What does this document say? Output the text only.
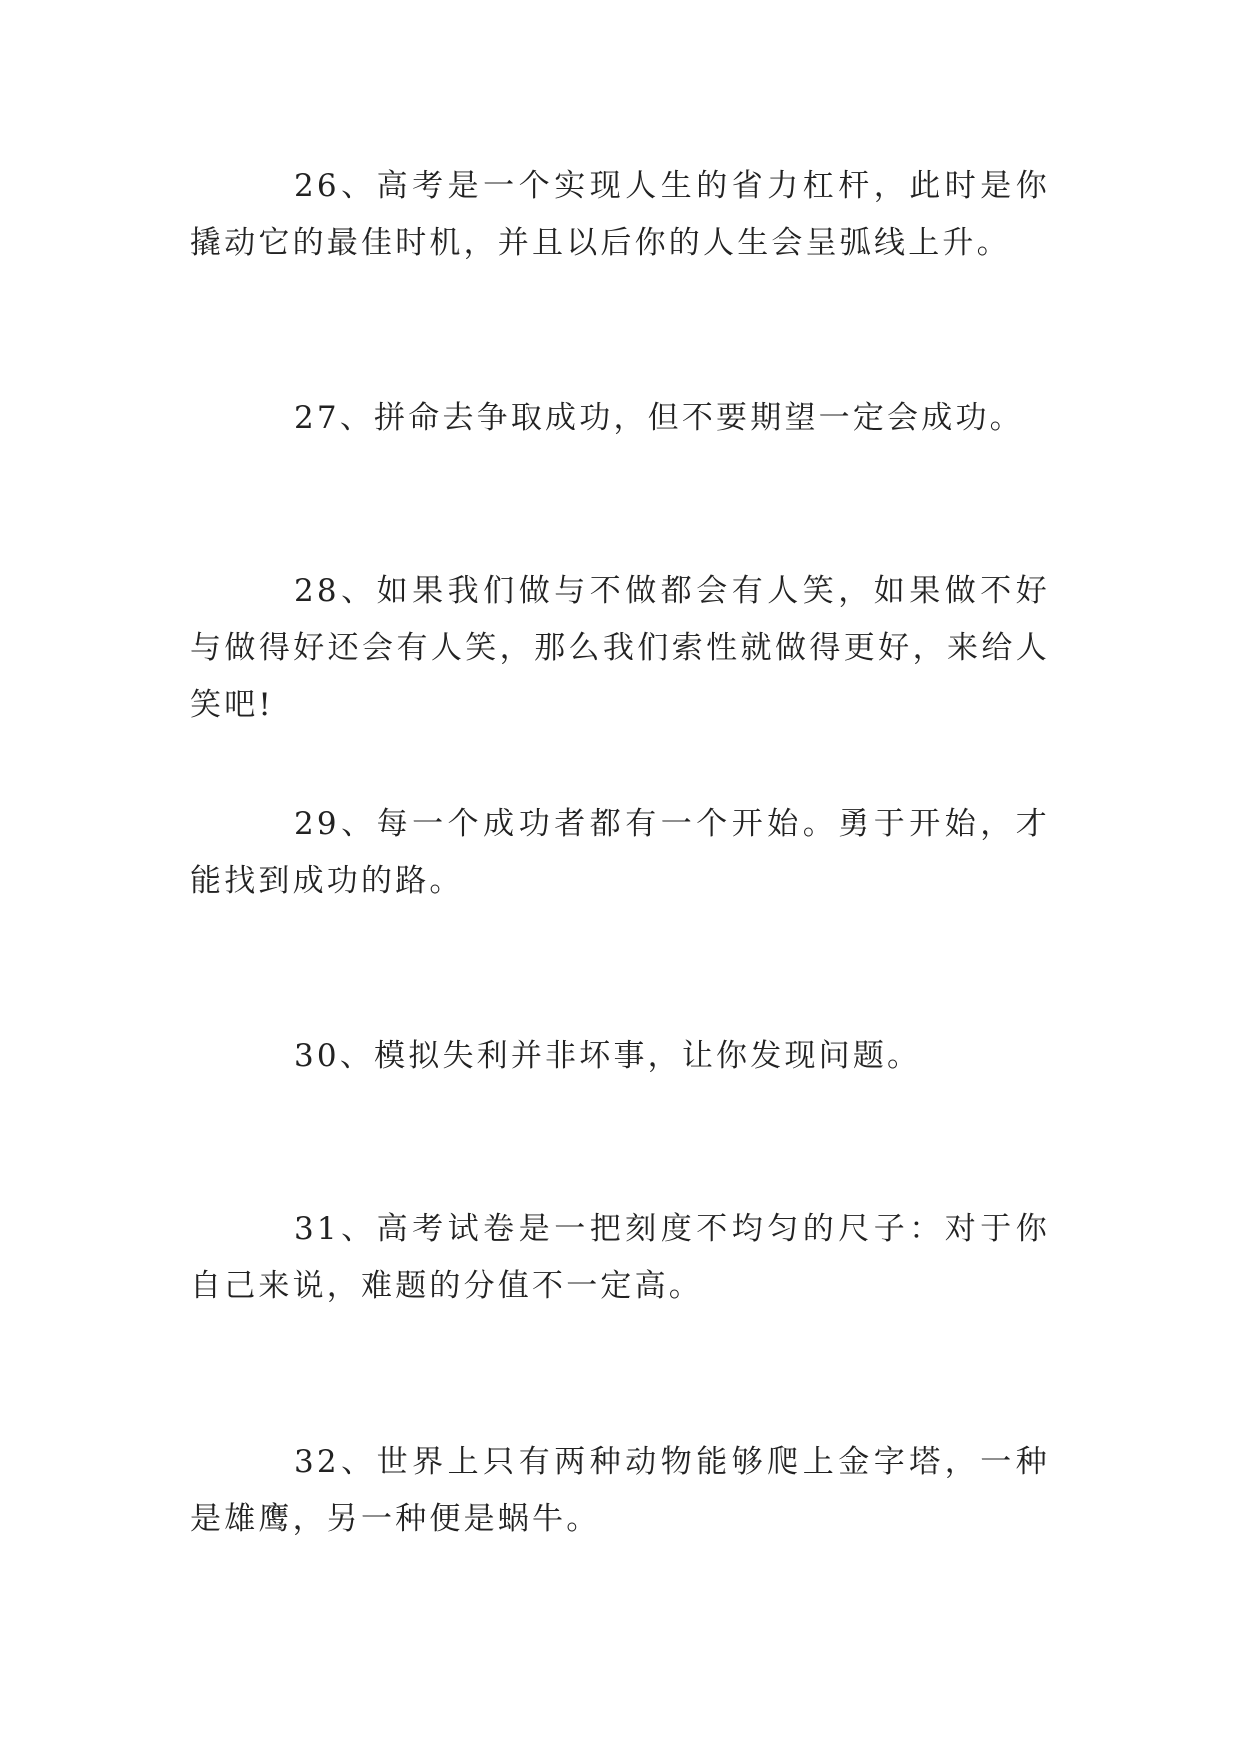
26、高考是一个实现人生的省力杠杆，此时是你撬动它的最佳时机，并且以后你的人生会呈弧线上升。

27、拼命去争取成功，但不要期望一定会成功。

28、如果我们做与不做都会有人笑，如果做不好与做得好还会有人笑，那么我们索性就做得更好，来给人笑吧!

29、每一个成功者都有一个开始。勇于开始，才能找到成功的路。

30、模拟失利并非坏事，让你发现问题。

31、高考试卷是一把刻度不均匀的尺子：对于你自己来说，难题的分值不一定高。

32、世界上只有两种动物能够爬上金字塔，一种是雄鹰，另一种便是蜗牛。
